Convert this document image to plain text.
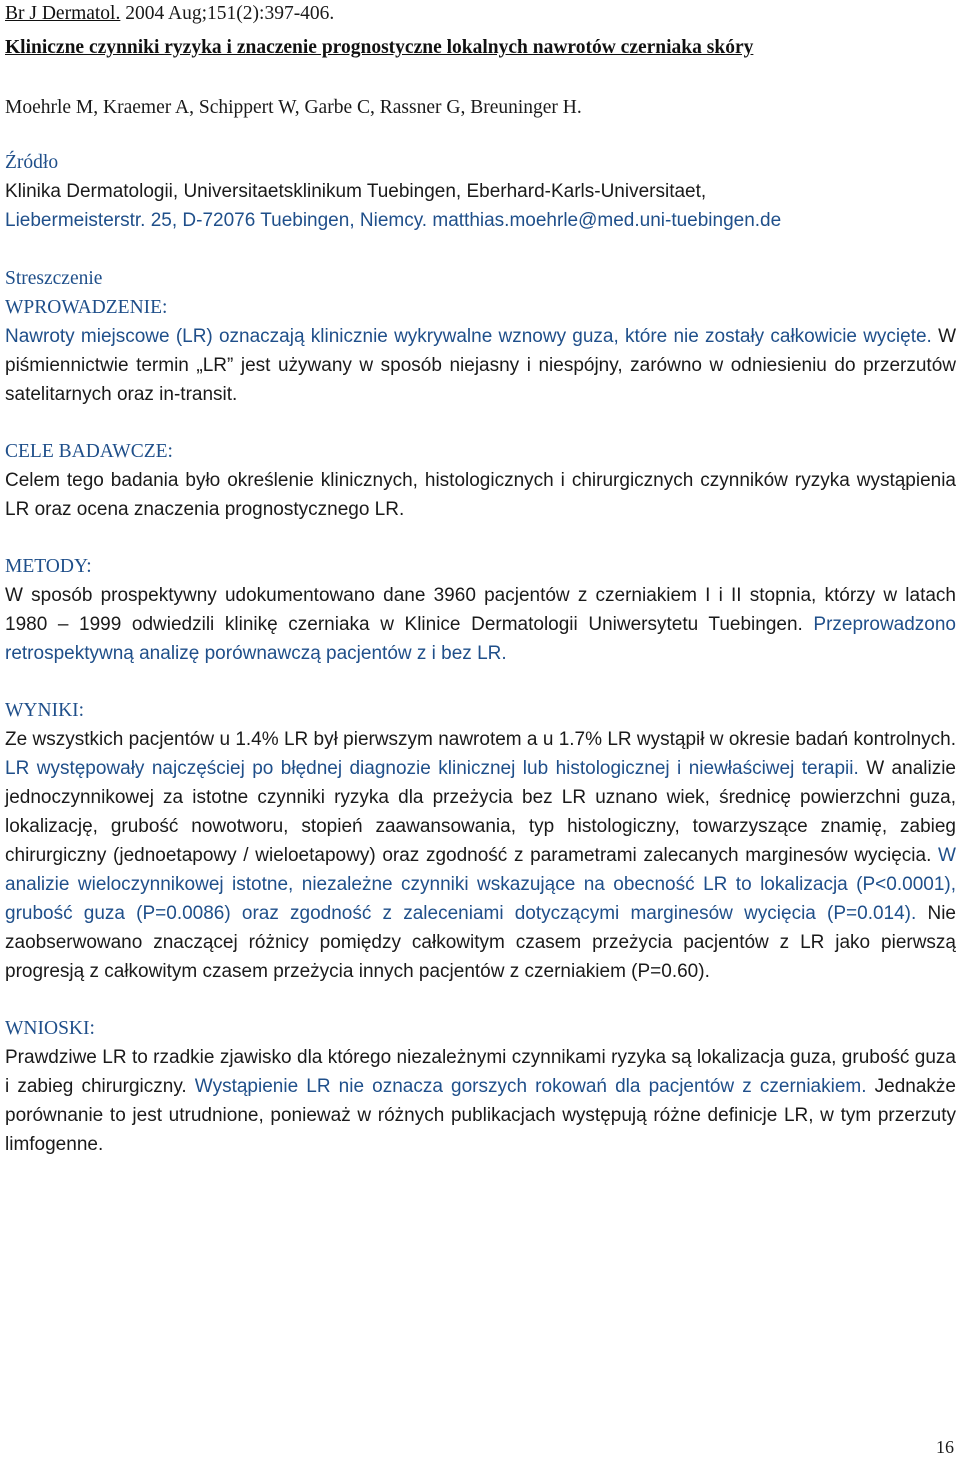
Br J Dermatol. 2004 Aug;151(2):397-406.

Kliniczne czynniki ryzyka i znaczenie prognostyczne lokalnych nawrotów czerniaka skóry

Moehrle M, Kraemer A, Schippert W, Garbe C, Rassner G, Breuninger H.

Źródło

Klinika Dermatologii, Universitaetsklinikum Tuebingen, Eberhard-Karls-Universitaet,
Liebermeisterstr. 25, D-72076 Tuebingen, Niemcy. matthias.moehrle@med.uni-tuebingen.de

Streszczenie

WPROWADZENIE:

Nawroty miejscowe (LR) oznaczają klinicznie wykrywalne wznowy guza, które nie zostały całkowicie wycięte. W piśmiennictwie termin „LR” jest używany w sposób niejasny i niespójny, zarówno w odniesieniu do przerzutów satelitarnych oraz in-transit.

CELE BADAWCZE:

Celem tego badania było określenie klinicznych, histologicznych i chirurgicznych czynników ryzyka wystąpienia LR oraz ocena znaczenia prognostycznego LR.

METODY:

W sposób prospektywny udokumentowano dane 3960 pacjentów z czerniakiem I i II stopnia, którzy w latach 1980 – 1999 odwiedzili klinikę czerniaka w Klinice Dermatologii Uniwersytetu Tuebingen. Przeprowadzono retrospektywną analizę porównawczą pacjentów z i bez LR.

WYNIKI:

Ze wszystkich pacjentów u 1.4% LR był pierwszym nawrotem a u 1.7% LR wystąpił w okresie badań kontrolnych. LR występowały najczęściej po błędnej diagnozie klinicznej lub histologicznej i niewłaściwej terapii. W analizie jednoczynnikowej za istotne czynniki ryzyka dla przeżycia bez LR uznano wiek, średnicę powierzchni guza, lokalizację, grubość nowotworu, stopień zaawansowania, typ histologiczny, towarzyszące znamię, zabieg chirurgiczny (jednoetapowy / wieloetapowy) oraz zgodność z parametrami zalecanych marginesów wycięcia. W analizie wieloczynnikowej istotne, niezależne czynniki wskazujące na obecność LR to lokalizacja (P<0.0001), grubość guza (P=0.0086) oraz zgodność z zaleceniami dotyczącymi marginesów wycięcia (P=0.014). Nie zaobserwowano znaczącej różnicy pomiędzy całkowitym czasem przeżycia pacjentów z LR jako pierwszą progresją z całkowitym czasem przeżycia innych pacjentów z czerniakiem (P=0.60).

WNIOSKI:

Prawdziwe LR to rzadkie zjawisko dla którego niezależnymi czynnikami ryzyka są lokalizacja guza, grubość guza i zabieg chirurgiczny. Wystąpienie LR nie oznacza gorszych rokowań dla pacjentów z czerniakiem. Jednakże porównanie to jest utrudnione, ponieważ w różnych publikacjach występują różne definicje LR, w tym przerzuty limfogenne.

16
